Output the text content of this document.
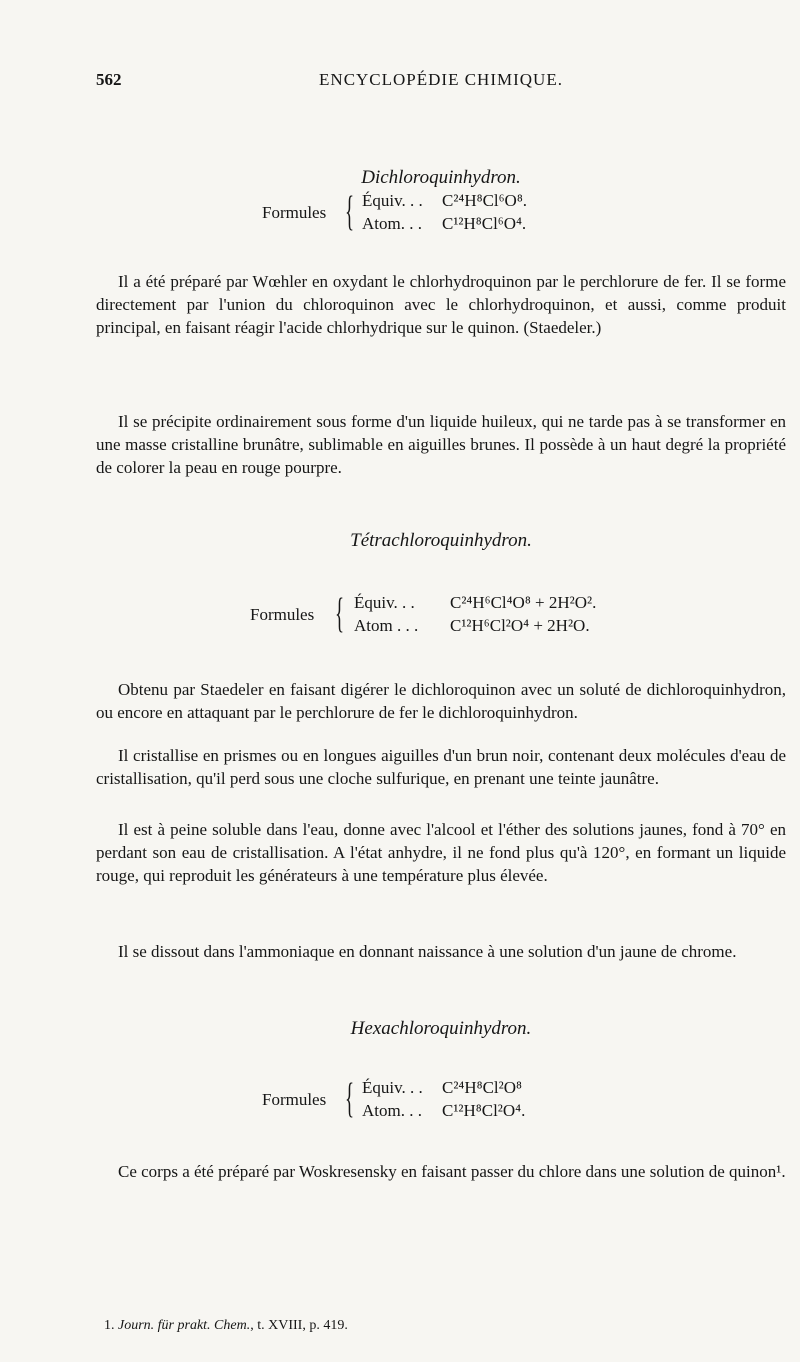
562	ENCYCLOPÉDIE CHIMIQUE.
Dichloroquinhydron.
Formules { Équiv. . . C²⁴H⁸Cl⁶O⁸.
Atom. . . C¹²H⁸Cl⁶O⁴.

Il a été préparé par Wœhler en oxydant le chlorhydroquinon par le perchlorure de fer. Il se forme directement par l'union du chloroquinon avec le chlorhydroquinon, et aussi, comme produit principal, en faisant réagir l'acide chlorhydrique sur le quinon. (Staedeler.)

Il se précipite ordinairement sous forme d'un liquide huileux, qui ne tarde pas à se transformer en une masse cristalline brunâtre, sublimable en aiguilles brunes. Il possède à un haut degré la propriété de colorer la peau en rouge pourpre.

Tétrachloroquinhydron.
Formules { Équiv. . . C²⁴H⁶Cl⁴O⁸ + 2H²O².
Atom . . . C¹²H⁶Cl²O⁴ + 2H²O.

Obtenu par Staedeler en faisant digérer le dichloroquinon avec un soluté de dichloroquinhydron, ou encore en attaquant par le perchlorure de fer le dichloroquinhydron.

Il cristallise en prismes ou en longues aiguilles d'un brun noir, contenant deux molécules d'eau de cristallisation, qu'il perd sous une cloche sulfurique, en prenant une teinte jaunâtre.

Il est à peine soluble dans l'eau, donne avec l'alcool et l'éther des solutions jaunes, fond à 70° en perdant son eau de cristallisation. A l'état anhydre, il ne fond plus qu'à 120°, en formant un liquide rouge, qui reproduit les générateurs à une température plus élevée.

Il se dissout dans l'ammoniaque en donnant naissance à une solution d'un jaune de chrome.

Hexachloroquinhydron.
Formules { Équiv. . . C²⁴H⁸Cl²O⁸
Atom. . . C¹²H⁸Cl²O⁴.

Ce corps a été préparé par Woskresensky en faisant passer du chlore dans une solution de quinon¹.

1. Journ. für prakt. Chem., t. XVIII, p. 419.
